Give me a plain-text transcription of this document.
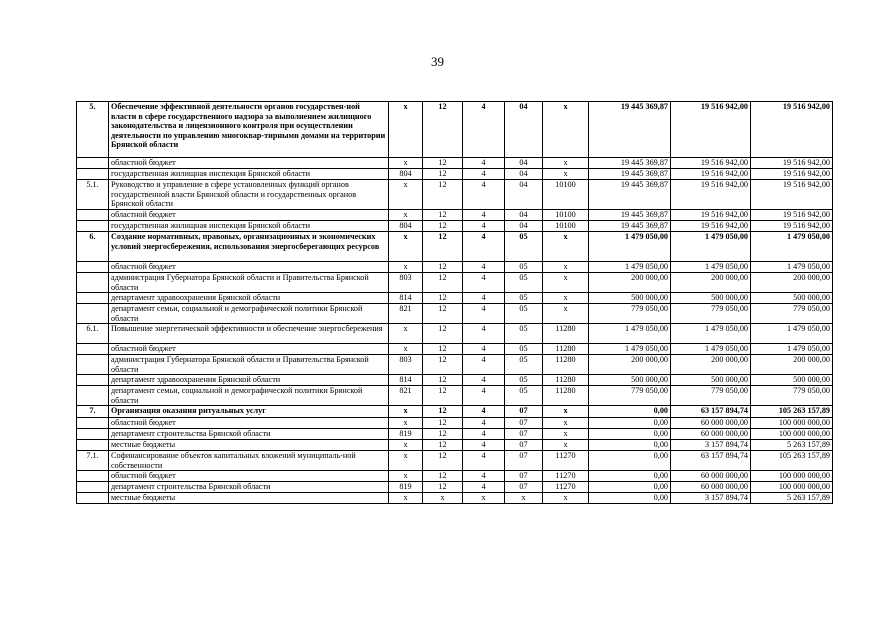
39
5.	Обеспечение эффективной деятельности органов государствен-ной власти в сфере государственного надзора за выполнением жилищного законодательства и лицензионного контроля при осуществлении деятельности по управлению многоквар-тирными домами на территории Брянской области	х	12	4	04	х	19 445 369,87	19 516 942,00	19 516 942,00
	областной бюджет	х	12	4	04	х	19 445 369,87	19 516 942,00	19 516 942,00
	государственная жилищная инспекция Брянской области	804	12	4	04	х	19 445 369,87	19 516 942,00	19 516 942,00
5.1.	Руководство и управление в сфере установленных функций органов государственной власти Брянской области и государственных органов Брянской области	х	12	4	04	10100	19 445 369,87	19 516 942,00	19 516 942,00
	областной бюджет	х	12	4	04	10100	19 445 369,87	19 516 942,00	19 516 942,00
	государственная жилищная инспекция Брянской области	804	12	4	04	10100	19 445 369,87	19 516 942,00	19 516 942,00
6.	Создание нормативных, правовых, организационных и экономических условий энергосбережения, использования энергосберегающих ресурсов	х	12	4	05	х	1 479 050,00	1 479 050,00	1 479 050,00
	областной бюджет	х	12	4	05	х	1 479 050,00	1 479 050,00	1 479 050,00
	администрация Губернатора Брянской области и Правительства Брянской области	803	12	4	05	х	200 000,00	200 000,00	200 000,00
	департамент здравоохранения Брянской области	814	12	4	05	х	500 000,00	500 000,00	500 000,00
	департамент семьи, социальной и демографической политики Брянской области	821	12	4	05	х	779 050,00	779 050,00	779 050,00
6.1.	Повышение энергетической эффективности и обеспечение энергосбережения	х	12	4	05	11280	1 479 050,00	1 479 050,00	1 479 050,00
	областной бюджет	х	12	4	05	11280	1 479 050,00	1 479 050,00	1 479 050,00
	администрация Губернатора Брянской области и Правительства Брянской области	803	12	4	05	11280	200 000,00	200 000,00	200 000,00
	департамент здравоохранения Брянской области	814	12	4	05	11280	500 000,00	500 000,00	500 000,00
	департамент семьи, социальной и демографической политики Брянской области	821	12	4	05	11280	779 050,00	779 050,00	779 050,00
7.	Организация оказания ритуальных услуг	х	12	4	07	х	0,00	63 157 894,74	105 263 157,89
	областной бюджет	х	12	4	07	х	0,00	60 000 000,00	100 000 000,00
	департамент строительства Брянской области	819	12	4	07	х	0,00	60 000 000,00	100 000 000,00
	местные бюджеты	х	12	4	07	х	0,00	3 157 894,74	5 263 157,89
7.1.	Софинансирование объектов капитальных вложений муниципаль-ной собственности	х	12	4	07	11270	0,00	63 157 894,74	105 263 157,89
	областной бюджет	х	12	4	07	11270	0,00	60 000 000,00	100 000 000,00
	департамент строительства Брянской области	819	12	4	07	11270	0,00	60 000 000,00	100 000 000,00
	местные бюджеты	х	х	х	х	х	0,00	3 157 894,74	5 263 157,89
